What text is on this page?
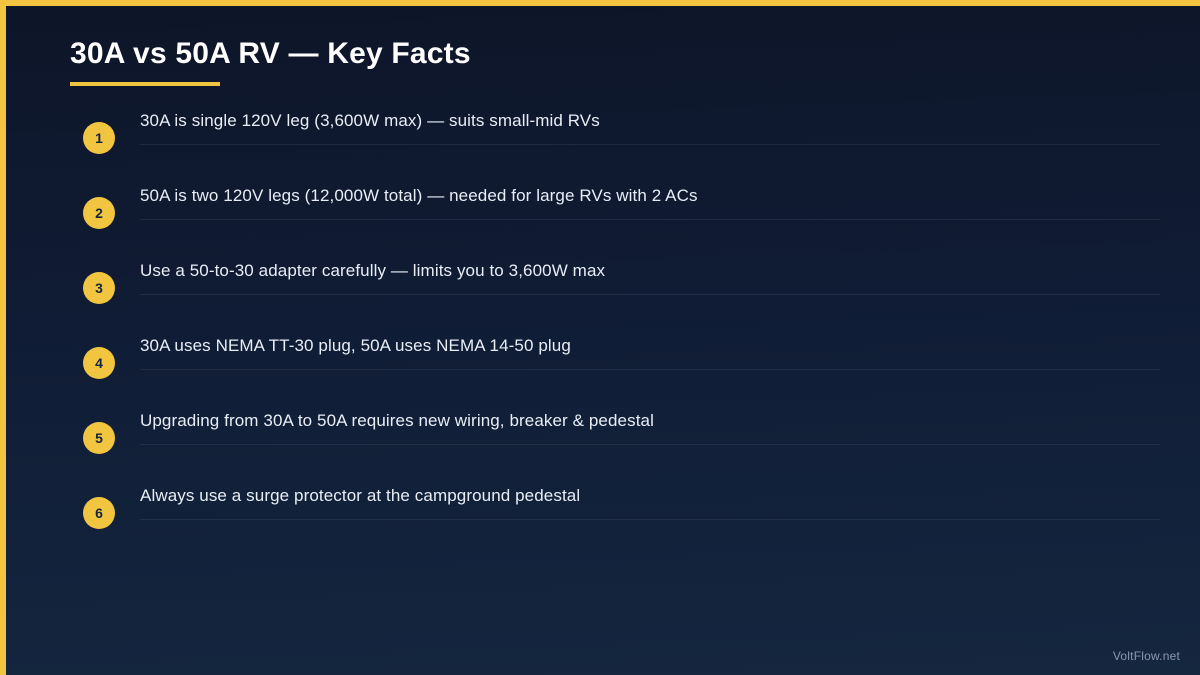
30A vs 50A RV — Key Facts
1
30A is single 120V leg (3,600W max) — suits small-mid RVs
2
50A is two 120V legs (12,000W total) — needed for large RVs with 2 ACs
3
Use a 50-to-30 adapter carefully — limits you to 3,600W max
4
30A uses NEMA TT-30 plug, 50A uses NEMA 14-50 plug
5
Upgrading from 30A to 50A requires new wiring, breaker & pedestal
6
Always use a surge protector at the campground pedestal
VoltFlow.net
